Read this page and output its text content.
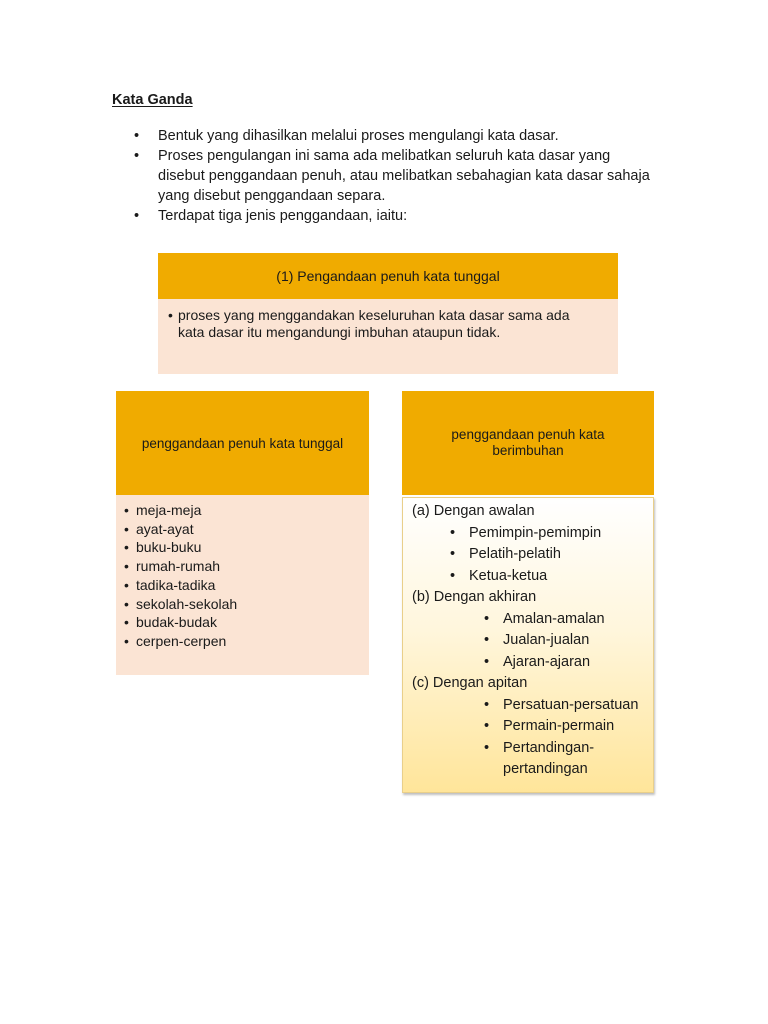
Kata Ganda
• Bentuk yang dihasilkan melalui proses mengulangi kata dasar.
• Proses pengulangan ini sama ada melibatkan seluruh kata dasar yang disebut penggandaan penuh, atau melibatkan sebahagian kata dasar sahaja yang disebut penggandaan separa.
• Terdapat tiga jenis penggandaan, iaitu:
(1) Pengandaan penuh kata tunggal
• proses yang menggandakan keseluruhan kata dasar sama ada
kata dasar itu mengandungi imbuhan ataupun tidak.
penggandaan penuh kata tunggal
• meja-meja
• ayat-ayat
• buku-buku
• rumah-rumah
• tadika-tadika
• sekolah-sekolah
• budak-budak
• cerpen-cerpen
penggandaan penuh kata berimbuhan
(a) Dengan awalan
• Pemimpin-pemimpin
• Pelatih-pelatih
• Ketua-ketua
(b) Dengan akhiran
• Amalan-amalan
• Jualan-jualan
• Ajaran-ajaran
(c) Dengan apitan
• Persatuan-persatuan
• Permain-permain
• Pertandingan-
pertandingan
